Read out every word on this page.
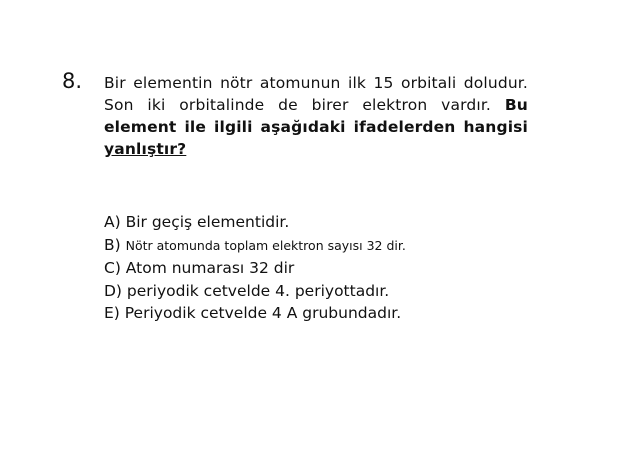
8. Bir elementin nötr atomunun ilk 15 orbitali doludur. Son iki orbitalinde de birer elektron vardır. Bu element ile ilgili aşağıdaki ifadelerden hangisi yanlıştır?

A) Bir geçiş elementidir.
B) Nötr atomunda toplam elektron sayısı 32 dir.
C) Atom numarası 32 dir
D) periyodik cetvelde 4. periyottadır.
E) Periyodik cetvelde 4 A grubundadır.
